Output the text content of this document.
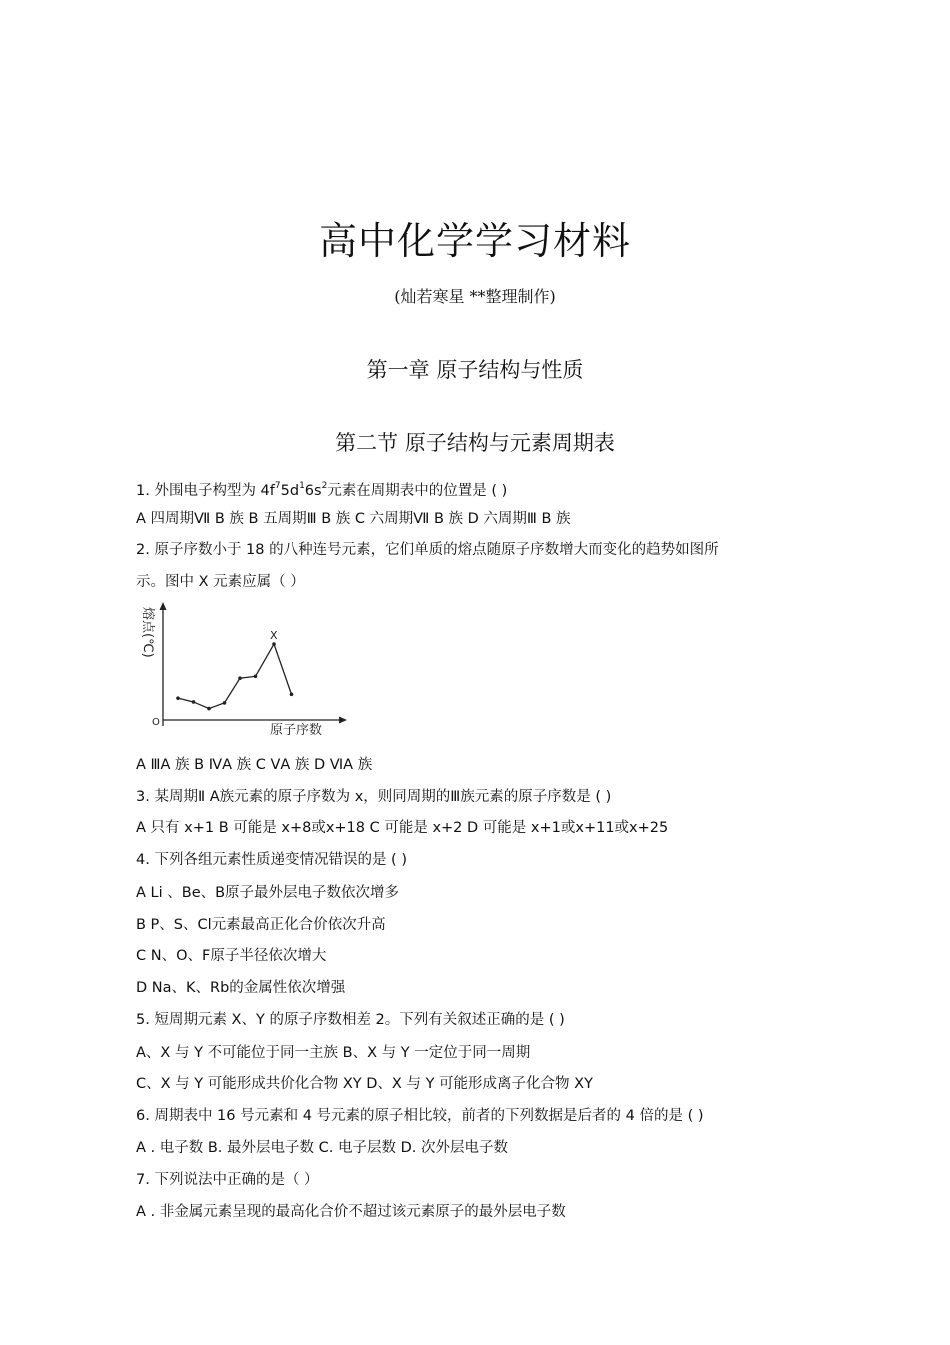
高中化学学习材料
(灿若寒星 **整理制作)
第一章 原子结构与性质
第二节 原子结构与元素周期表
1. 外围电子构型为 $4f^75d^16s^2$元素在周期表中的位置是 ( )
A 四周期Ⅶ B 族 B 五周期Ⅲ B 族 C 六周期Ⅶ B 族 D 六周期Ⅲ B 族
2. 原子序数小于 18 的八种连号元素，它们单质的熔点随原子序数增大而变化的趋势如图所
示。图中 X 元素应属（ ）
熔点(℃)
O
原子序数
X
A ⅢA 族 B ⅣA 族 C ⅤA 族 D ⅥA 族
3. 某周期Ⅱ A族元素的原子序数为 x，则同周期的Ⅲ族元素的原子序数是 ( )
A 只有 x+1 B 可能是 x+8或x+18 C 可能是 x+2 D 可能是 x+1或x+11或x+25
4. 下列各组元素性质递变情况错误的是 ( )
A Li 、Be、B原子最外层电子数依次增多
B P、S、Cl元素最高正化合价依次升高
C N、O、F原子半径依次增大
D Na、K、Rb的金属性依次增强
5. 短周期元素 X、Y 的原子序数相差 2。下列有关叙述正确的是 ( )
A、X 与 Y 不可能位于同一主族 B、X 与 Y 一定位于同一周期
C、X 与 Y 可能形成共价化合物 XY D、X 与 Y 可能形成离子化合物 XY
6. 周期表中 16 号元素和 4 号元素的原子相比较，前者的下列数据是后者的 4 倍的是 ( )
A . 电子数 B. 最外层电子数 C. 电子层数 D. 次外层电子数
7. 下列说法中正确的是（ ）
A . 非金属元素呈现的最高化合价不超过该元素原子的最外层电子数
